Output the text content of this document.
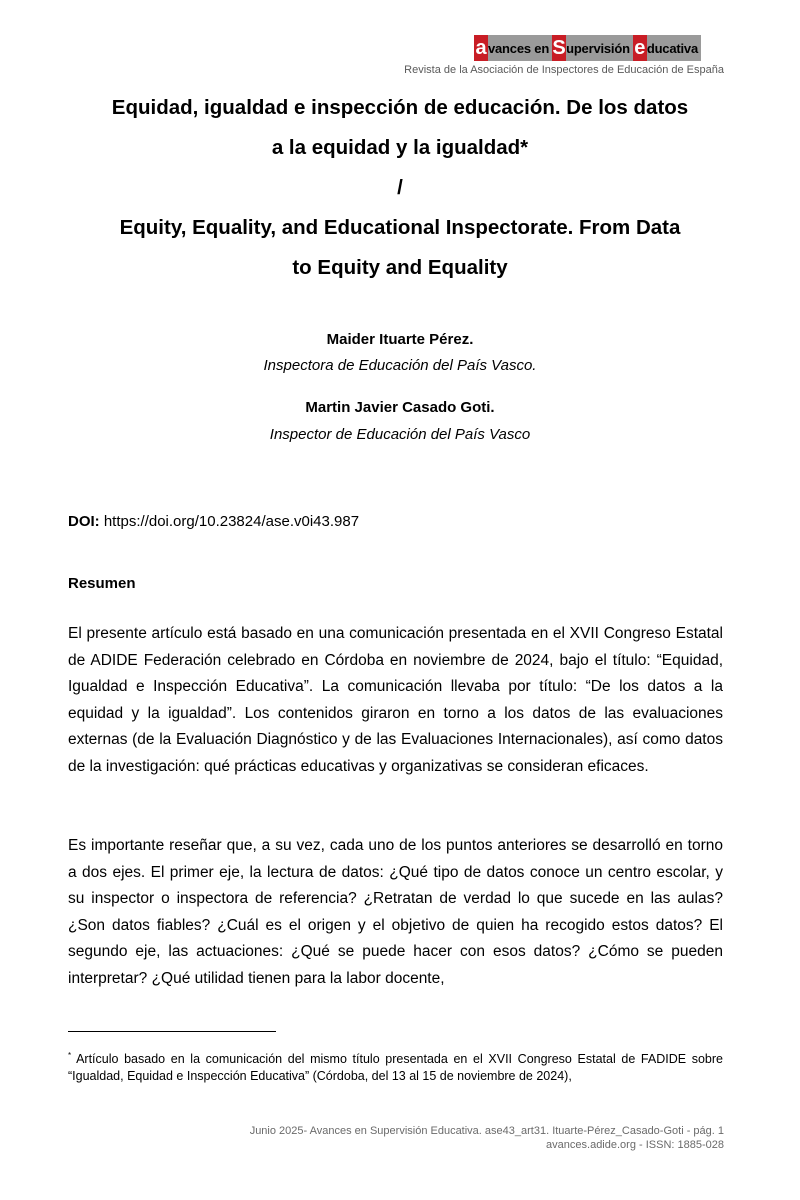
a vances en S upervisión e ducativa
Revista de la Asociación de Inspectores de Educación de España
Equidad, igualdad e inspección de educación. De los datos
a la equidad y la igualdad*
/
Equity, Equality, and Educational Inspectorate. From Data
to Equity and Equality
Maider Ituarte Pérez.
Inspectora de Educación del País Vasco.
Martin Javier Casado Goti.
Inspector de Educación del País Vasco
DOI: https://doi.org/10.23824/ase.v0i43.987
Resumen

El presente artículo está basado en una comunicación presentada en el XVII Congreso Estatal de ADIDE Federación celebrado en Córdoba en noviembre de 2024, bajo el título: “Equidad, Igualdad e Inspección Educativa”. La comunicación llevaba por título: “De los datos a la equidad y la igualdad”. Los contenidos giraron en torno a los datos de las evaluaciones externas (de la Evaluación Diagnóstico y de las Evaluaciones Internacionales), así como datos de la investigación: qué prácticas educativas y organizativas se consideran eficaces.

Es importante reseñar que, a su vez, cada uno de los puntos anteriores se desarrolló en torno a dos ejes. El primer eje, la lectura de datos: ¿Qué tipo de datos conoce un centro escolar, y su inspector o inspectora de referencia? ¿Retratan de verdad lo que sucede en las aulas? ¿Son datos fiables? ¿Cuál es el origen y el objetivo de quien ha recogido estos datos? El segundo eje, las actuaciones: ¿Qué se puede hacer con esos datos? ¿Cómo se pueden interpretar? ¿Qué utilidad tienen para la labor docente,

* Artículo basado en la comunicación del mismo título presentada en el XVII Congreso Estatal de FADIDE sobre “Igualdad, Equidad e Inspección Educativa” (Córdoba, del 13 al 15 de noviembre de 2024),

Junio 2025- Avances en Supervisión Educativa. ase43_art31. Ituarte-Pérez_Casado-Goti - pág. 1
avances.adide.org - ISSN: 1885-028
